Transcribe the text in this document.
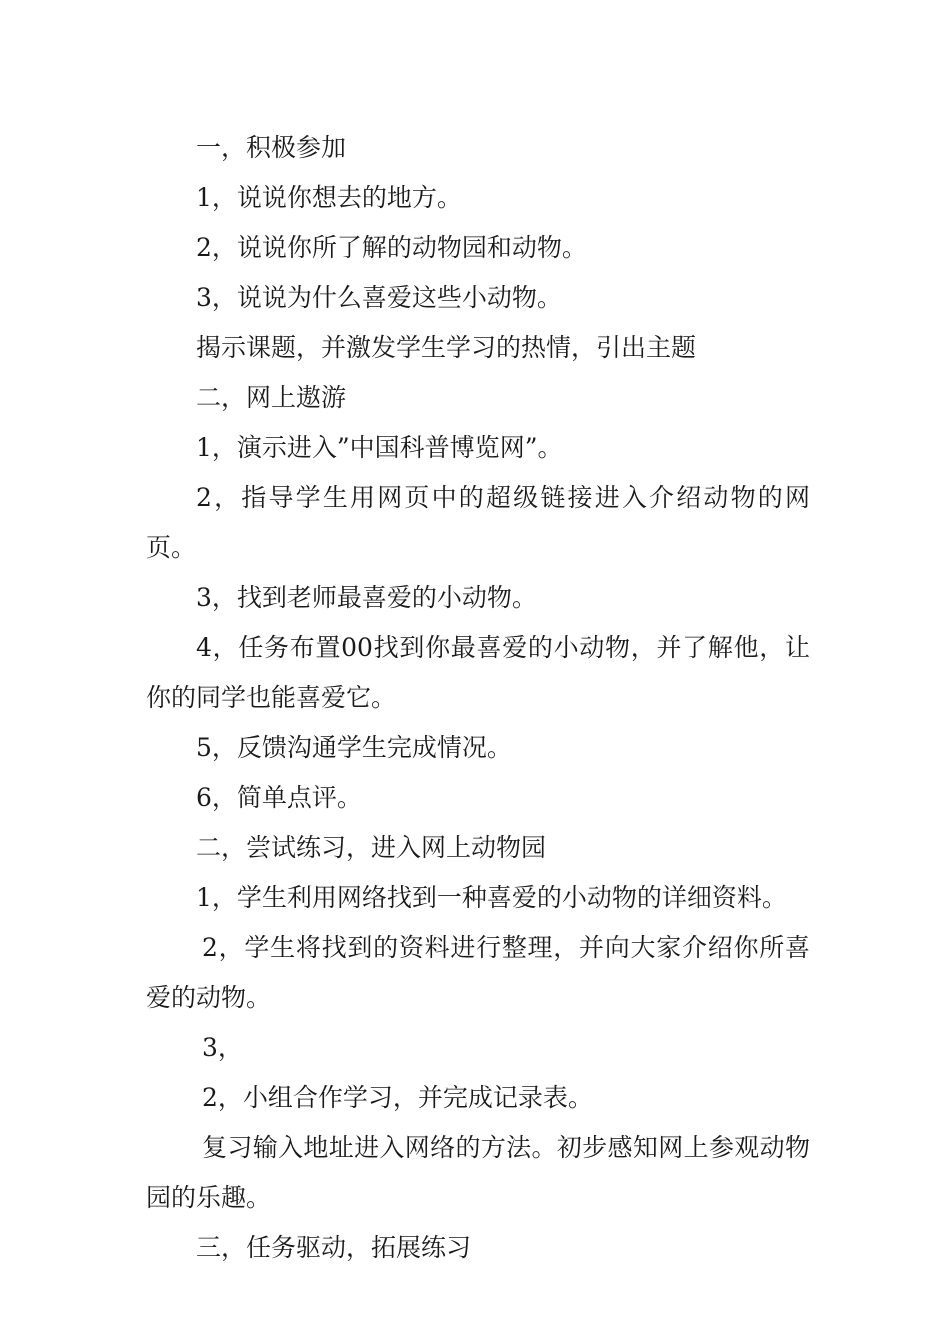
一，积极参加

1，说说你想去的地方。

2，说说你所了解的动物园和动物。

3，说说为什么喜爱这些小动物。

揭示课题，并激发学生学习的热情，引出主题

二，网上遨游

1，演示进入”中国科普博览网”。

2，指导学生用网页中的超级链接进入介绍动物的网页。

3，找到老师最喜爱的小动物。

4，任务布置00找到你最喜爱的小动物，并了解他，让你的同学也能喜爱它。

5，反馈沟通学生完成情况。

6，简单点评。

二，尝试练习，进入网上动物园

1，学生利用网络找到一种喜爱的小动物的详细资料。

2，学生将找到的资料进行整理，并向大家介绍你所喜爱的动物。

3，

2，小组合作学习，并完成记录表。

复习输入地址进入网络的方法。初步感知网上参观动物园的乐趣。

三，任务驱动，拓展练习
